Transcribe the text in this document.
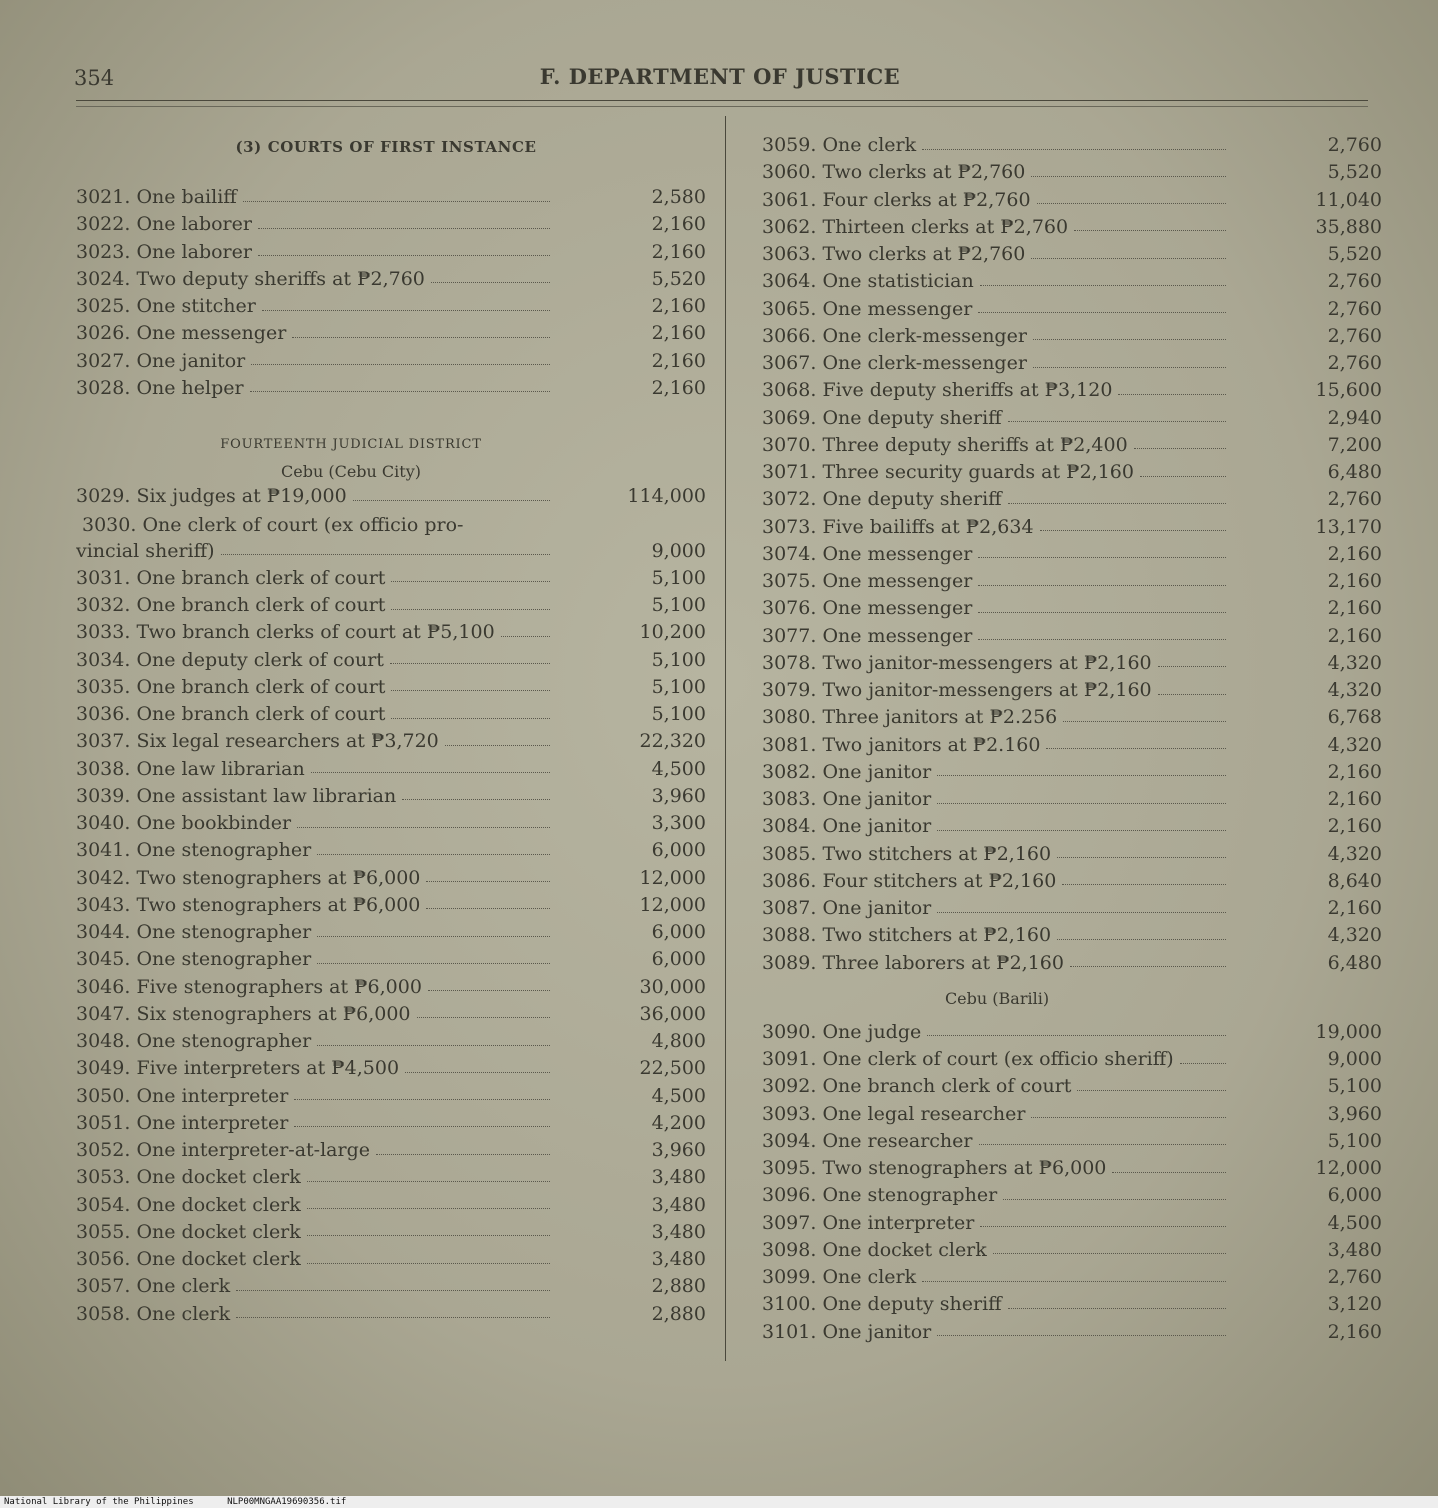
354	F. DEPARTMENT OF JUSTICE
(3) COURTS OF FIRST INSTANCE
3021. One bailiff	2,580
3022. One laborer	2,160
3023. One laborer	2,160
3024. Two deputy sheriffs at ₱2,760	5,520
3025. One stitcher	2,160
3026. One messenger	2,160
3027. One janitor	2,160
3028. One helper	2,160
FOURTEENTH JUDICIAL DISTRICT
Cebu (Cebu City)
3029. Six judges at ₱19,000	114,000
3030. One clerk of court (ex officio pro-
vincial sheriff)	9,000
3031. One branch clerk of court	5,100
3032. One branch clerk of court	5,100
3033. Two branch clerks of court at ₱5,100	10,200
3034. One deputy clerk of court	5,100
3035. One branch clerk of court	5,100
3036. One branch clerk of court	5,100
3037. Six legal researchers at ₱3,720	22,320
3038. One law librarian	4,500
3039. One assistant law librarian	3,960
3040. One bookbinder	3,300
3041. One stenographer	6,000
3042. Two stenographers at ₱6,000	12,000
3043. Two stenographers at ₱6,000	12,000
3044. One stenographer	6,000
3045. One stenographer	6,000
3046. Five stenographers at ₱6,000	30,000
3047. Six stenographers at ₱6,000	36,000
3048. One stenographer	4,800
3049. Five interpreters at ₱4,500	22,500
3050. One interpreter	4,500
3051. One interpreter	4,200
3052. One interpreter-at-large	3,960
3053. One docket clerk	3,480
3054. One docket clerk	3,480
3055. One docket clerk	3,480
3056. One docket clerk	3,480
3057. One clerk	2,880
3058. One clerk	2,880
3059. One clerk	2,760
3060. Two clerks at ₱2,760	5,520
3061. Four clerks at ₱2,760	11,040
3062. Thirteen clerks at ₱2,760	35,880
3063. Two clerks at ₱2,760	5,520
3064. One statistician	2,760
3065. One messenger	2,760
3066. One clerk-messenger	2,760
3067. One clerk-messenger	2,760
3068. Five deputy sheriffs at ₱3,120	15,600
3069. One deputy sheriff	2,940
3070. Three deputy sheriffs at ₱2,400	7,200
3071. Three security guards at ₱2,160	6,480
3072. One deputy sheriff	2,760
3073. Five bailiffs at ₱2,634	13,170
3074. One messenger	2,160
3075. One messenger	2,160
3076. One messenger	2,160
3077. One messenger	2,160
3078. Two janitor-messengers at ₱2,160	4,320
3079. Two janitor-messengers at ₱2,160	4,320
3080. Three janitors at ₱2.256	6,768
3081. Two janitors at ₱2.160	4,320
3082. One janitor	2,160
3083. One janitor	2,160
3084. One janitor	2,160
3085. Two stitchers at ₱2,160	4,320
3086. Four stitchers at ₱2,160	8,640
3087. One janitor	2,160
3088. Two stitchers at ₱2,160	4,320
3089. Three laborers at ₱2,160	6,480
Cebu (Barili)
3090. One judge	19,000
3091. One clerk of court (ex officio sheriff)	9,000
3092. One branch clerk of court	5,100
3093. One legal researcher	3,960
3094. One researcher	5,100
3095. Two stenographers at ₱6,000	12,000
3096. One stenographer	6,000
3097. One interpreter	4,500
3098. One docket clerk	3,480
3099. One clerk	2,760
3100. One deputy sheriff	3,120
3101. One janitor	2,160
National Library of the Philippines	NLP00MNGAA19690356.tif
